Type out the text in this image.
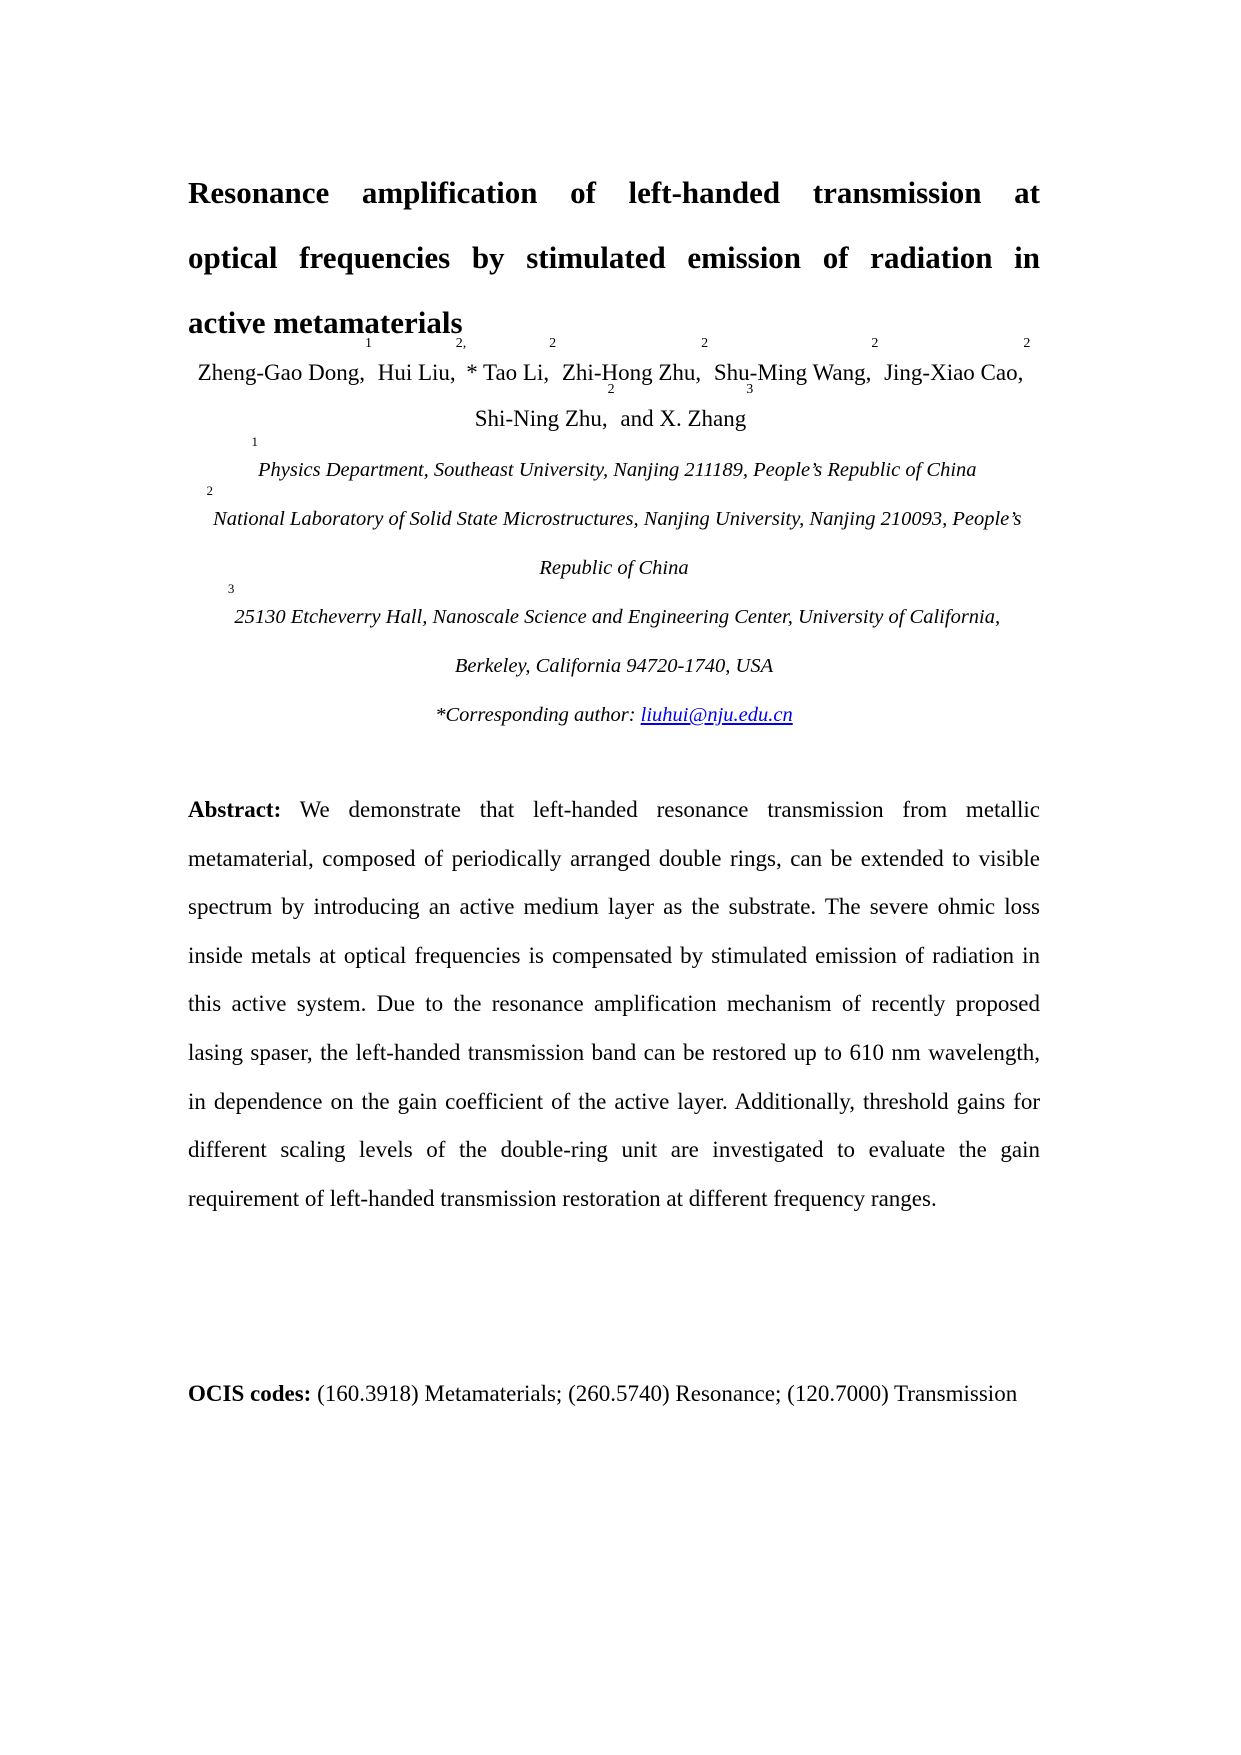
Resonance amplification of left-handed transmission at
optical frequencies by stimulated emission of radiation in
active metamaterials
Zheng-Gao Dong,$^1$ Hui Liu,$^{2,}$* Tao Li,$^2$ Zhi-Hong Zhu,$^2$ Shu-Ming Wang,$^2$ Jing-Xiao Cao,$^2$ Shi-Ning Zhu,$^2$ and X. Zhang$^3$
$^1$Physics Department, Southeast University, Nanjing 211189, People’s Republic of China
$^2$National Laboratory of Solid State Microstructures, Nanjing University, Nanjing 210093, People’s Republic of China
$^3$25130 Etcheverry Hall, Nanoscale Science and Engineering Center, University of California, Berkeley, California 94720-1740, USA
*Corresponding author: liuhui@nju.edu.cn
Abstract: We demonstrate that left-handed resonance transmission from metallic metamaterial, composed of periodically arranged double rings, can be extended to visible spectrum by introducing an active medium layer as the substrate. The severe ohmic loss inside metals at optical frequencies is compensated by stimulated emission of radiation in this active system. Due to the resonance amplification mechanism of recently proposed lasing spaser, the left-handed transmission band can be restored up to 610 nm wavelength, in dependence on the gain coefficient of the active layer. Additionally, threshold gains for different scaling levels of the double-ring unit are investigated to evaluate the gain requirement of left-handed transmission restoration at different frequency ranges.
OCIS codes: (160.3918) Metamaterials; (260.5740) Resonance; (120.7000) Transmission
